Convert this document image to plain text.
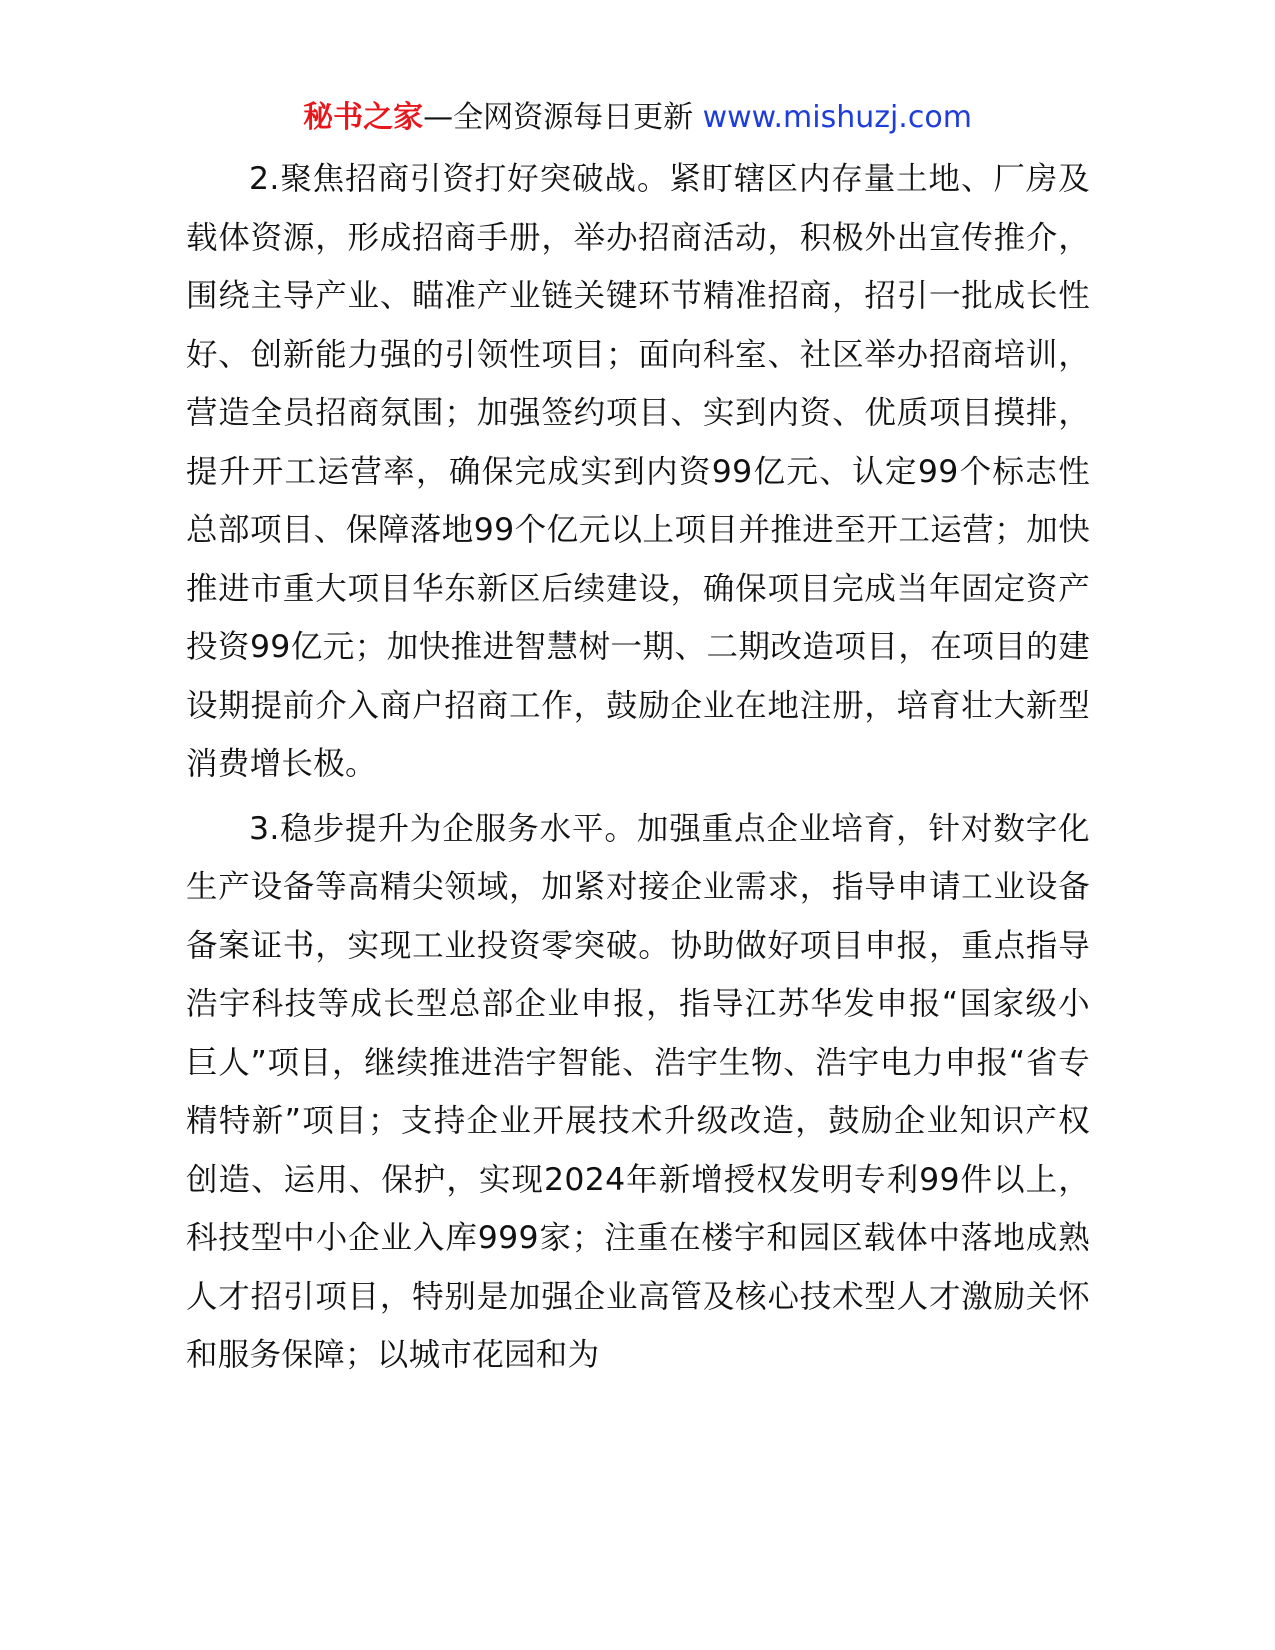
秘书之家—全网资源每日更新 www.mishuzj.com

2.聚焦招商引资打好突破战。紧盯辖区内存量土地、厂房及载体资源，形成招商手册，举办招商活动，积极外出宣传推介，围绕主导产业、瞄准产业链关键环节精准招商，招引一批成长性好、创新能力强的引领性项目；面向科室、社区举办招商培训，营造全员招商氛围；加强签约项目、实到内资、优质项目摸排，提升开工运营率，确保完成实到内资99亿元、认定99个标志性总部项目、保障落地99个亿元以上项目并推进至开工运营；加快推进市重大项目华东新区后续建设，确保项目完成当年固定资产投资99亿元；加快推进智慧树一期、二期改造项目，在项目的建设期提前介入商户招商工作，鼓励企业在地注册，培育壮大新型消费增长极。

3.稳步提升为企服务水平。加强重点企业培育，针对数字化生产设备等高精尖领域，加紧对接企业需求，指导申请工业设备备案证书，实现工业投资零突破。协助做好项目申报，重点指导浩宇科技等成长型总部企业申报，指导江苏华发申报“国家级小巨人”项目，继续推进浩宇智能、浩宇生物、浩宇电力申报“省专精特新”项目；支持企业开展技术升级改造，鼓励企业知识产权创造、运用、保护，实现2024年新增授权发明专利99件以上，科技型中小企业入库999家；注重在楼宇和园区载体中落地成熟人才招引项目，特别是加强企业高管及核心技术型人才激励关怀和服务保障；以城市花园和为
